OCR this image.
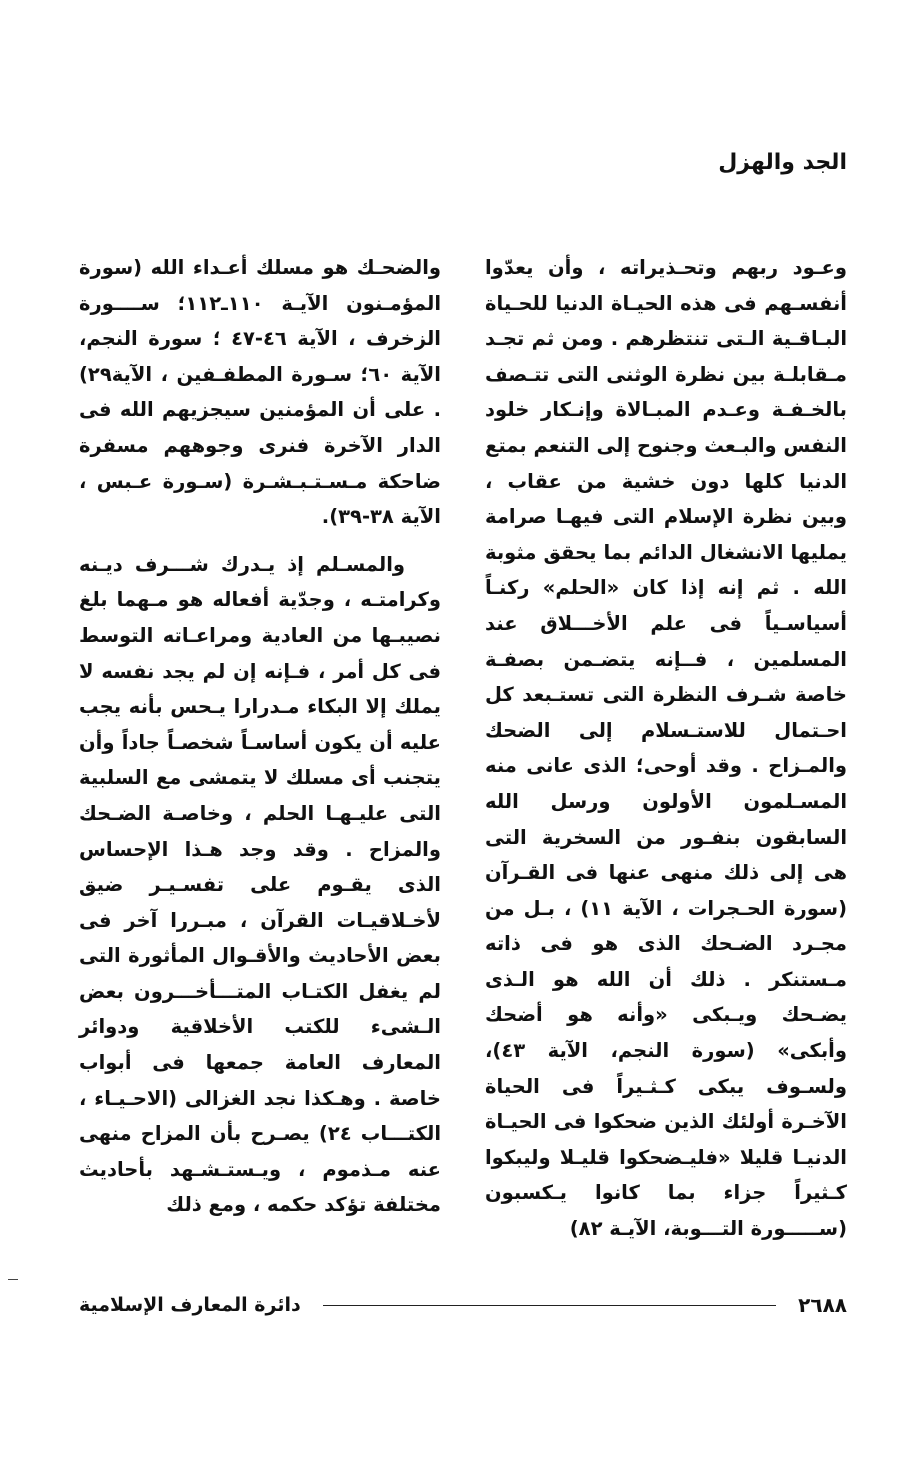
الجد والهزل

وعـود ربهم وتحـذيراته ، وأن يعدّوا أنفسـهم فى هذه الحيـاة الدنيا للحـياة البـاقـية الـتى تنتظرهم . ومن ثم تجـد مـقابلـة بين نظرة الوثنى التى تتـصف بالخـفـة وعـدم المبـالاة وإنـكار خلود النفس والبـعث وجنوح إلى التنعم بمتع الدنيا كلها دون خشية من عقاب ، وبين نظرة الإسلام التى فيهـا صرامة يمليها الانشغال الدائم بما يحقق مثوبة الله . ثم إنه إذا كان «الحلم» ركنـاً أسياسـياً فى علم الأخـــلاق عند المسلمين ، فــإنه يتضـمن بصفـة خاصة شـرف النظرة التى تستـبعد كل احـتمال للاستـسلام إلى الضحك والمـزاح . وقد أوحى؛ الذى عانى منه المسـلمون الأولون ورسل الله السابقون بنفـور من السخرية التى هى إلى ذلك منهى عنها فى القـرآن (سورة الحـجرات ، الآية ١١) ، بـل من مجـرد الضـحك الذى هو فى ذاته مـستنكر . ذلك أن الله هو الـذى يضـحك ويـبكى «وأنه هو أضحك وأبكى» (سورة النجم، الآية ٤٣)، ولسـوف يبكى كـثـيراً فى الحياة الآخـرة أولئك الذين ضحكوا فى الحيـاة الدنيـا قليلا «فليـضحكوا قليـلا وليبكوا كـثيراً جزاء بما كانوا يـكسبون (ســـــورة التـــوبة، الآيـة ٨٢)

والضحـك هو مسلك أعـداء الله (سورة المؤمـنون الآيـة ١١٠ـ١١٢؛ ســــورة الزخرف ، الآية ٤٦-٤٧ ؛ سورة النجم، الآية ٦٠؛ سـورة المطفـفين ، الآية٢٩) . على أن المؤمنين سيجزيهم الله فى الدار الآخرة فنرى وجوههم مسفرة ضاحكة مـسـتـبـشـرة (سـورة عـبس ، الآية ٣٨-٣٩).

والمسـلم إذ يـدرك شـــرف ديـنه وكرامتـه ، وجدّية أفعاله هو مـهما بلغ نصيبـها من العادية ومراعـاته التوسط فى كل أمر ، فـإنه إن لم يجد نفسه لا يملك إلا البكاء مـدرارا يـحس بأنه يجب عليه أن يكون أساسـاً شخصـاً جاداً وأن يتجنب أى مسلك لا يتمشى مع السلبية التى عليـهـا الحلم ، وخاصـة الضـحك والمزاح . وقد وجد هـذا الإحساس الذى يقـوم على تفسـيـر ضيق لأخـلاقيـات القرآن ، مبـررا آخر فى بعض الأحاديث والأقـوال المأثورة التى لم يغفل الكتـاب المتـــأخـــرون بعض الـشىء للكتب الأخلاقية ودوائر المعارف العامة جمعها فى أبواب خاصة . وهـكذا نجد الغزالى (الاحـيـاء ، الكتـــاب ٢٤) يصـرح بأن المزاح منهى عنه مـذموم ، ويـستـشـهد بأحاديث مختلفة تؤكد حكمه ، ومع ذلك

دائرة المعارف الإسلامية	٢٦٨٨
